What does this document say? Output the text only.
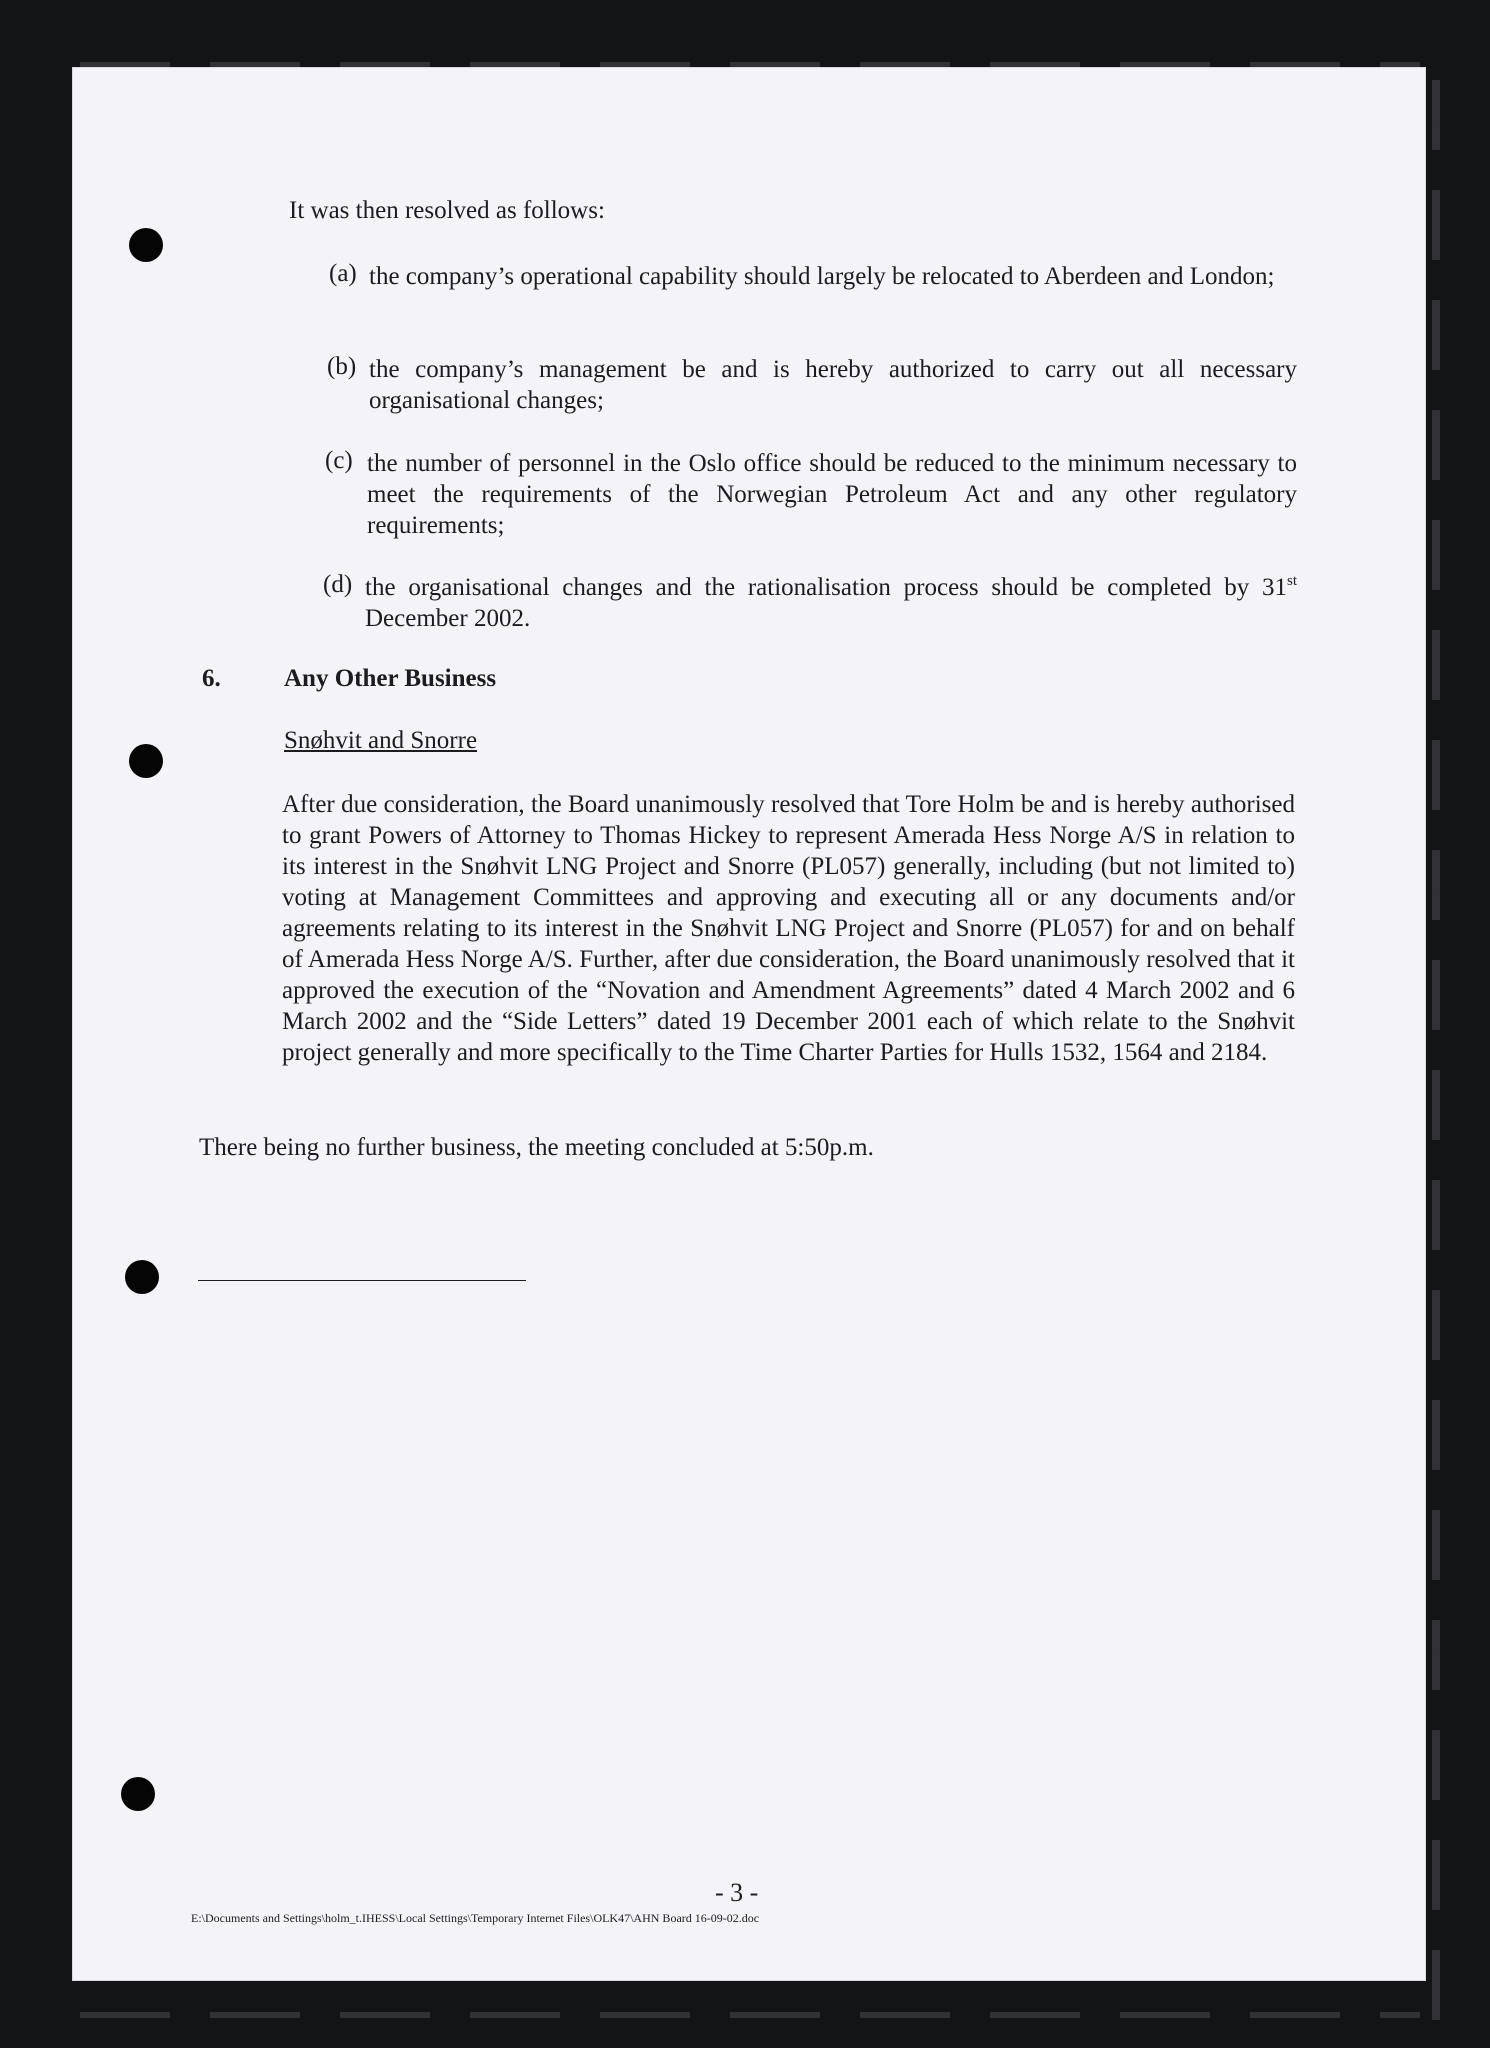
It was then resolved as follows:
(a) the company’s operational capability should largely be relocated to Aberdeen and London;
(b) the company’s management be and is hereby authorized to carry out all necessary organisational changes;
(c) the number of personnel in the Oslo office should be reduced to the minimum necessary to meet the requirements of the Norwegian Petroleum Act and any other regulatory requirements;
(d) the organisational changes and the rationalisation process should be completed by 31st December 2002.
6.	Any Other Business
Snøhvit and Snorre
After due consideration, the Board unanimously resolved that Tore Holm be and is hereby authorised to grant Powers of Attorney to Thomas Hickey to represent Amerada Hess Norge A/S in relation to its interest in the Snøhvit LNG Project and Snorre (PL057) generally, including (but not limited to) voting at Management Committees and approving and executing all or any documents and/or agreements relating to its interest in the Snøhvit LNG Project and Snorre (PL057) for and on behalf of Amerada Hess Norge A/S. Further, after due consideration, the Board unanimously resolved that it approved the execution of the “Novation and Amendment Agreements” dated 4 March 2002 and 6 March 2002 and the “Side Letters” dated 19 December 2001 each of which relate to the Snøhvit project generally and more specifically to the Time Charter Parties for Hulls 1532, 1564 and 2184.
There being no further business, the meeting concluded at 5:50p.m.
- 3 -
E:\Documents and Settings\holm_t.IHESS\Local Settings\Temporary Internet Files\OLK47\AHN Board 16-09-02.doc
